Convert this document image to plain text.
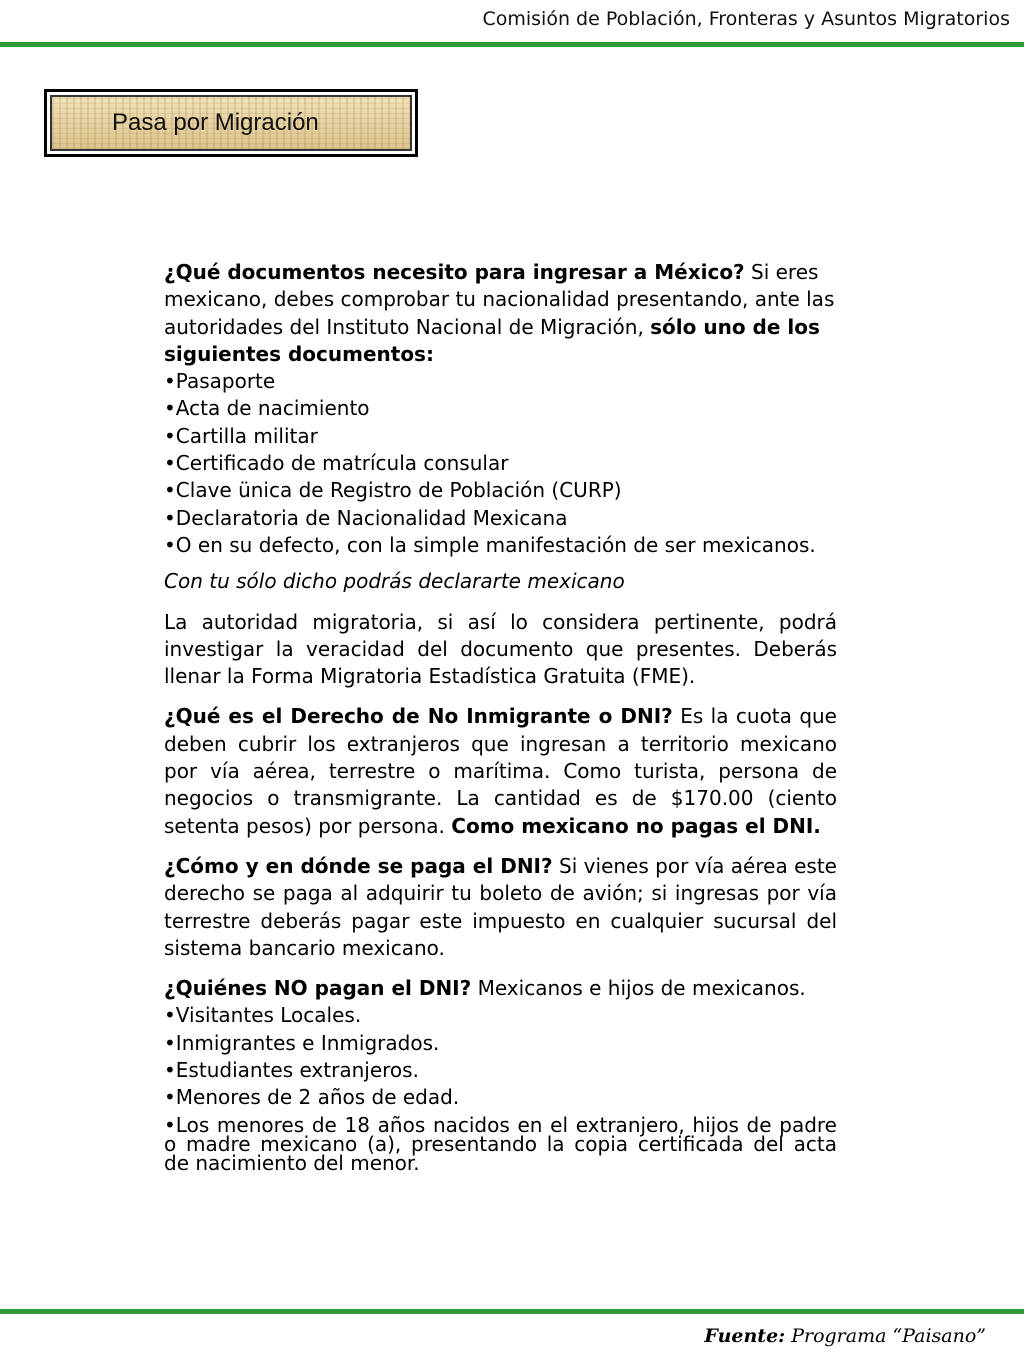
Comisión de Población, Fronteras y Asuntos Migratorios
Pasa por Migración

¿Qué documentos necesito para ingresar a México? Si eres mexicano, debes comprobar tu nacionalidad presentando, ante las autoridades del Instituto Nacional de Migración, sólo uno de los siguientes documentos:

•Pasaporte

•Acta de nacimiento

•Cartilla militar

•Certificado de matrícula consular

•Clave ünica de Registro de Población (CURP)

•Declaratoria de Nacionalidad Mexicana

•O en su defecto, con la simple manifestación de ser mexicanos.

Con tu sólo dicho podrás declararte mexicano

La autoridad migratoria, si así lo considera pertinente, podrá investigar la veracidad del documento que presentes. Deberás llenar la Forma Migratoria Estadística Gratuita (FME).

¿Qué es el Derecho de No Inmigrante o DNI? Es la cuota que deben cubrir los extranjeros que ingresan a territorio mexicano por vía aérea, terrestre o marítima. Como turista, persona de negocios o transmigrante. La cantidad es de $170.00 (ciento setenta pesos) por persona. Como mexicano no pagas el DNI.

¿Cómo y en dónde se paga el DNI? Si vienes por vía aérea este derecho se paga al adquirir tu boleto de avión; si ingresas por vía terrestre deberás pagar este impuesto en cualquier sucursal del sistema bancario mexicano.

¿Quiénes NO pagan el DNI? Mexicanos e hijos de mexicanos.

•Visitantes Locales.

•Inmigrantes e Inmigrados.

•Estudiantes extranjeros.

•Menores de 2 años de edad.

•Los menores de 18 años nacidos en el extranjero, hijos de padre o madre mexicano (a), presentando la copia certificada del acta de nacimiento del menor.

Fuente: Programa “Paisano”
